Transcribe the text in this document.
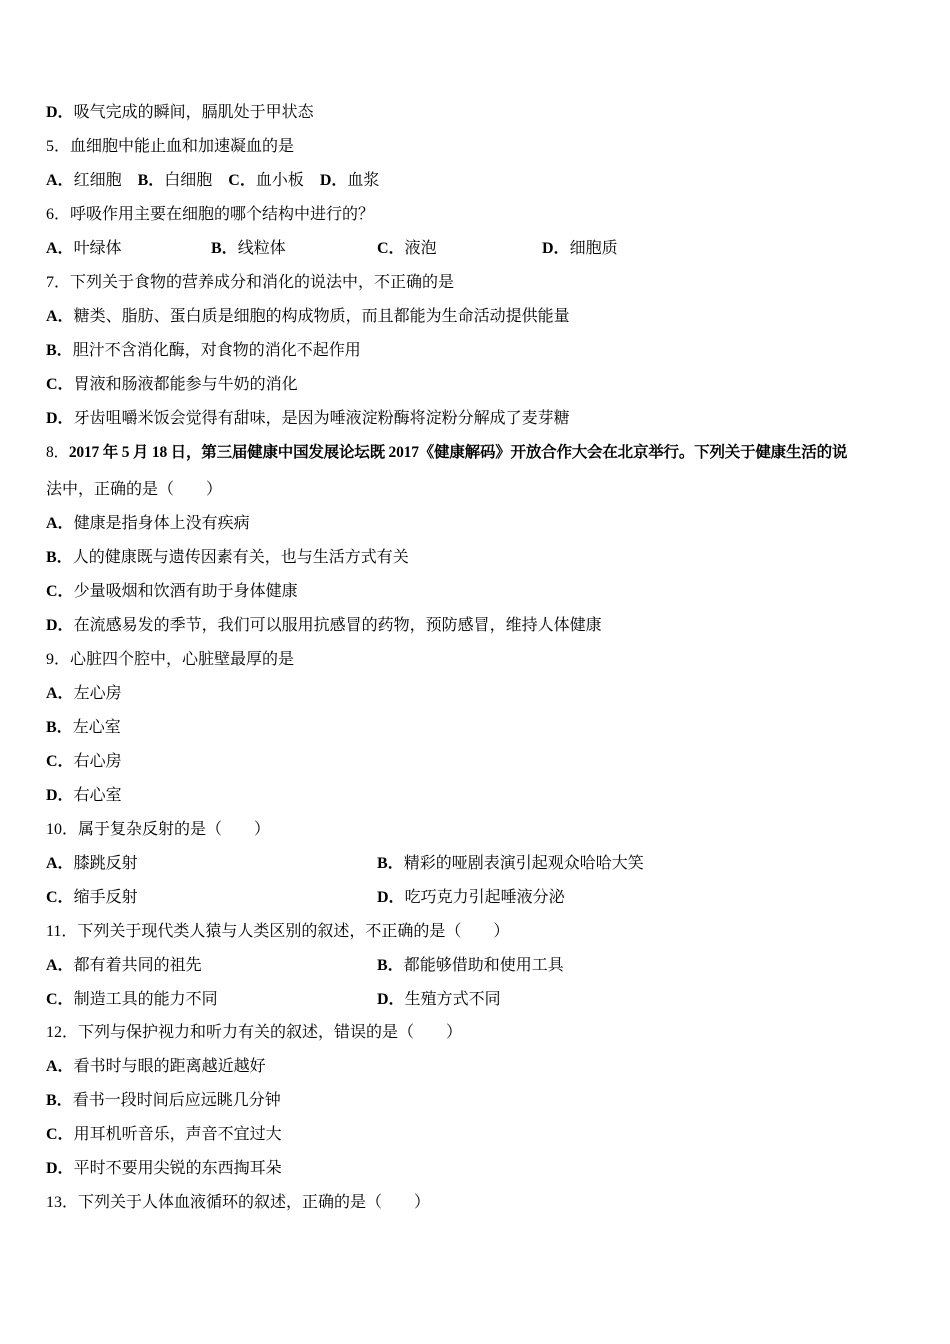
D．吸气完成的瞬间，膈肌处于甲状态
5．血细胞中能止血和加速凝血的是
A．红细胞 B．白细胞 C．血小板 D．血浆
6．呼吸作用主要在细胞的哪个结构中进行的？
A．叶绿体	B．线粒体	C．液泡	D．细胞质
7．下列关于食物的营养成分和消化的说法中，不正确的是
A．糖类、脂肪、蛋白质是细胞的构成物质，而且都能为生命活动提供能量
B．胆汁不含消化酶，对食物的消化不起作用
C．胃液和肠液都能参与牛奶的消化
D．牙齿咀嚼米饭会觉得有甜味，是因为唾液淀粉酶将淀粉分解成了麦芽糖
8．2017 年 5 月 18 日，第三届健康中国发展论坛既 2017《健康解码》开放合作大会在北京举行。下列关于健康生活的说
法中，正确的是（　　）
A．健康是指身体上没有疾病
B．人的健康既与遗传因素有关，也与生活方式有关
C．少量吸烟和饮酒有助于身体健康
D．在流感易发的季节，我们可以服用抗感冒的药物，预防感冒，维持人体健康
9．心脏四个腔中，心脏壁最厚的是
A．左心房
B．左心室
C．右心房
D．右心室
10．属于复杂反射的是（　　）
A．膝跳反射	B．精彩的哑剧表演引起观众哈哈大笑
C．缩手反射	D．吃巧克力引起唾液分泌
11．下列关于现代类人猿与人类区别的叙述，不正确的是（　　）
A．都有着共同的祖先	B．都能够借助和使用工具
C．制造工具的能力不同	D．生殖方式不同
12．下列与保护视力和听力有关的叙述，错误的是（　　）
A．看书时与眼的距离越近越好
B．看书一段时间后应远眺几分钟
C．用耳机听音乐，声音不宜过大
D．平时不要用尖锐的东西掏耳朵
13．下列关于人体血液循环的叙述，正确的是（　　）
